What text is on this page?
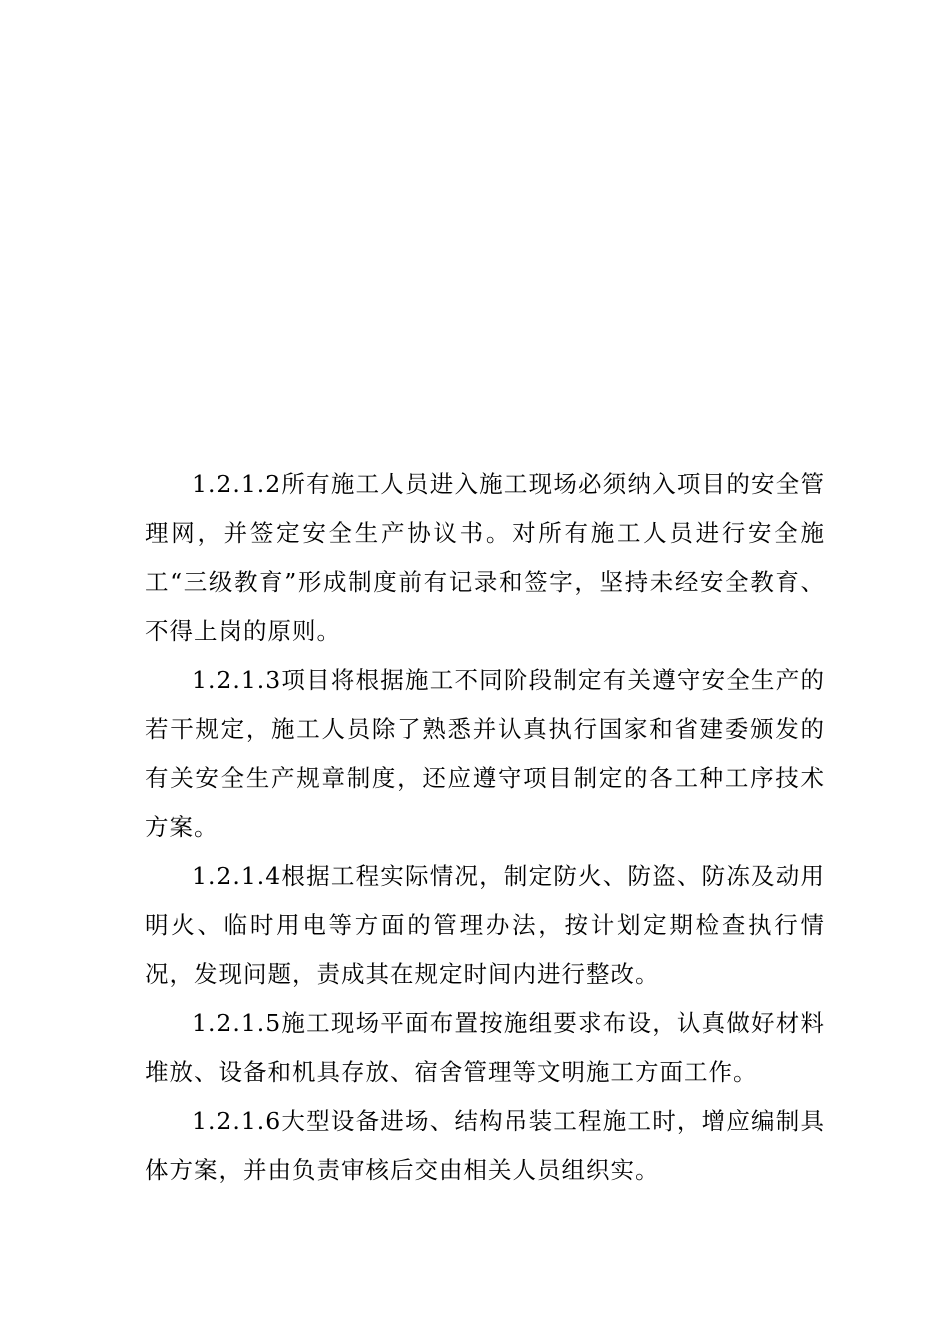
1.2.1.2所有施工人员进入施工现场必须纳入项目的安全管理网，并签定安全生产协议书。对所有施工人员进行安全施工“三级教育”形成制度前有记录和签字，坚持未经安全教育、不得上岗的原则。

1.2.1.3项目将根据施工不同阶段制定有关遵守安全生产的若干规定，施工人员除了熟悉并认真执行国家和省建委颁发的有关安全生产规章制度，还应遵守项目制定的各工种工序技术方案。

1.2.1.4根据工程实际情况，制定防火、防盗、防冻及动用明火、临时用电等方面的管理办法，按计划定期检查执行情况，发现问题，责成其在规定时间内进行整改。

1.2.1.5施工现场平面布置按施组要求布设，认真做好材料堆放、设备和机具存放、宿舍管理等文明施工方面工作。

1.2.1.6大型设备进场、结构吊装工程施工时，增应编制具体方案，并由负责审核后交由相关人员组织实。
